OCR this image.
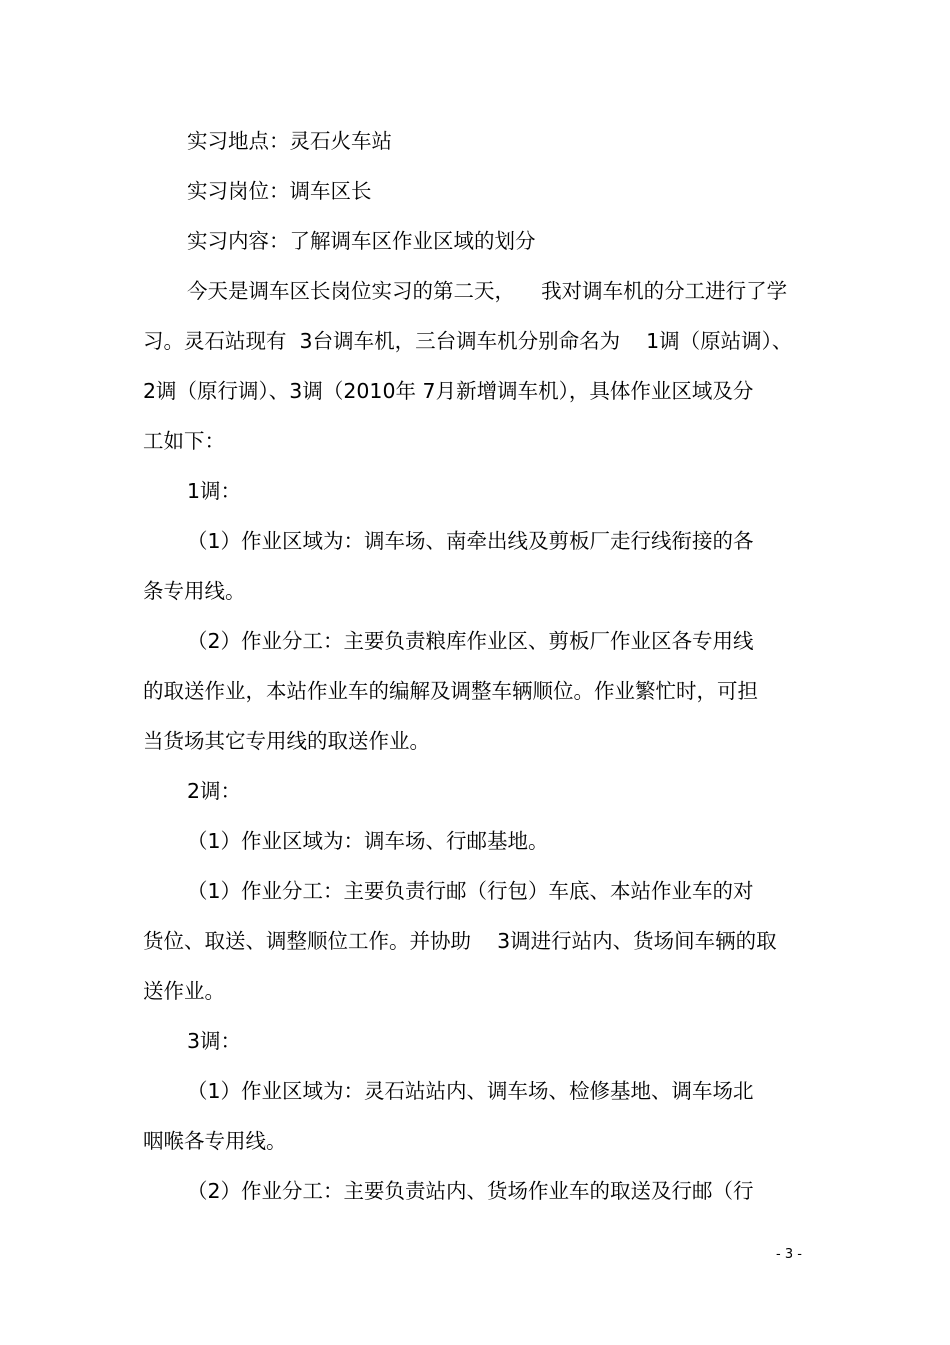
实习地点：灵石火车站
实习岗位：调车区长
实习内容：了解调车区作业区域的划分
今天是调车区长岗位实习的第二天，    我对调车机的分工进行了学
习。灵石站现有  3台调车机，三台调车机分别命名为    1调（原站调）、
2调（原行调）、3调（2010年 7月新增调车机），具体作业区域及分
工如下：
1调：
（1）作业区域为：调车场、南牵出线及剪板厂走行线衔接的各
条专用线。
（2）作业分工：主要负责粮库作业区、剪板厂作业区各专用线
的取送作业，本站作业车的编解及调整车辆顺位。作业繁忙时，可担
当货场其它专用线的取送作业。
2调：
（1）作业区域为：调车场、行邮基地。
（1）作业分工：主要负责行邮（行包）车底、本站作业车的对
货位、取送、调整顺位工作。并协助    3调进行站内、货场间车辆的取
送作业。
3调：
（1）作业区域为：灵石站站内、调车场、检修基地、调车场北
咽喉各专用线。
（2）作业分工：主要负责站内、货场作业车的取送及行邮（行
- 3 -
